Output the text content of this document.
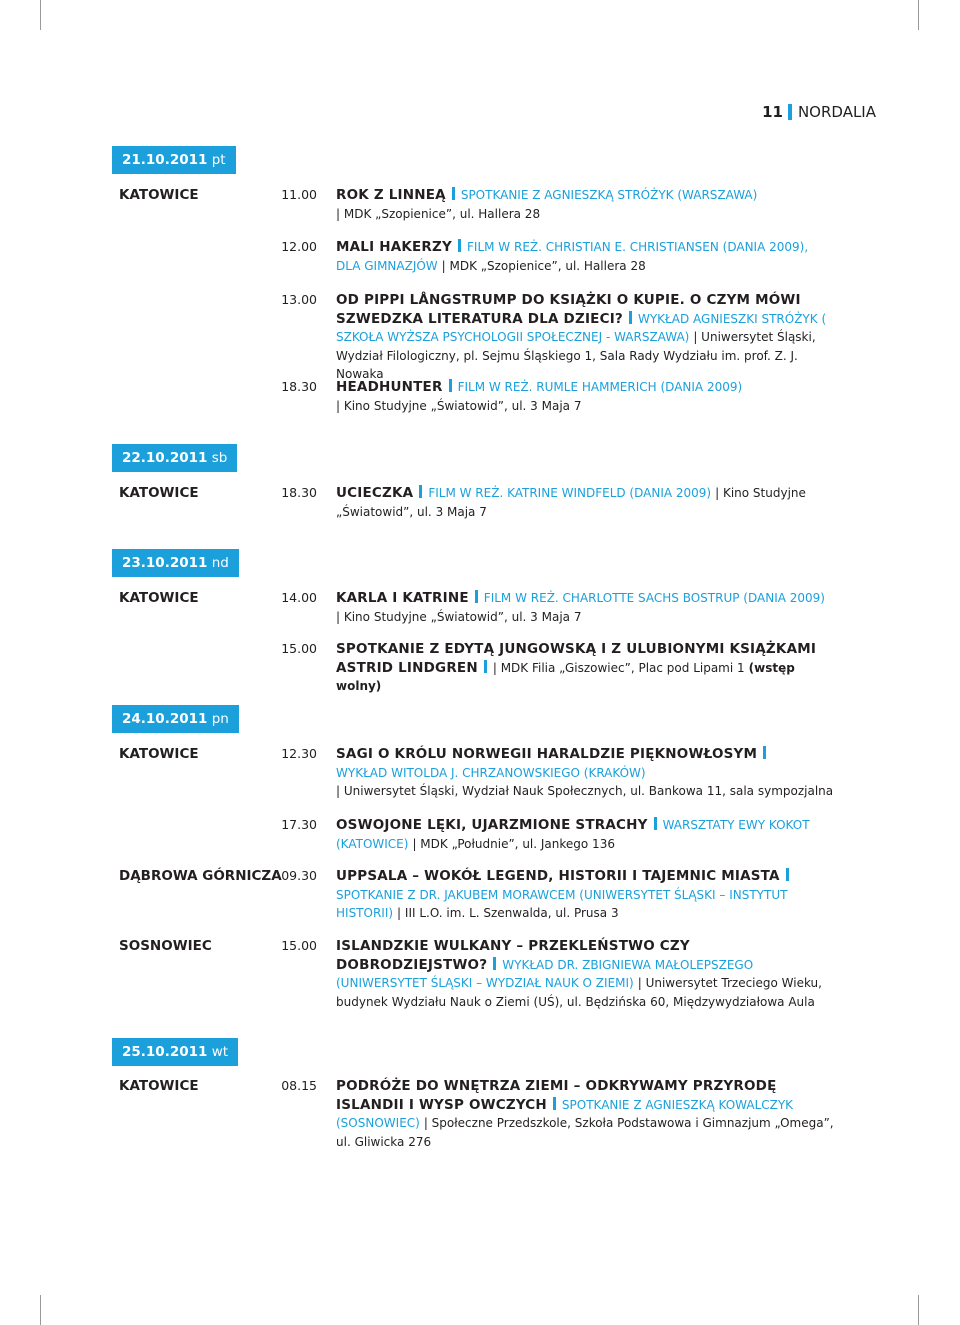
11 NORDALIA
21.10.2011 pt
KATOWICE	11.00 ROK Z LINNEĄ SPOTKANIE Z AGNIESZKĄ STRÓŻYK (WARSZAWA)
| MDK „Szopienice”, ul. Hallera 28
12.00 MALI HAKERZY FILM W REŻ. CHRISTIAN E. CHRISTIANSEN (DANIA 2009), DLA GIMNAZJÓW | MDK „Szopienice”, ul. Hallera 28
13.00 OD PIPPI LÅNGSTRUMP DO KSIĄŻKI O KUPIE. O CZYM MÓWI SZWEDZKA LITERATURA DLA DZIECI? WYKŁAD AGNIESZKI STRÓŻYK ( SZKOŁA WYŻSZA PSYCHOLOGII SPOŁECZNEJ - WARSZAWA) | Uniwersytet Śląski, Wydział Filologiczny, pl. Sejmu Śląskiego 1, Sala Rady Wydziału im. prof. Z. J. Nowaka
18.30 HEADHUNTER FILM W REŻ. RUMLE HAMMERICH (DANIA 2009)
| Kino Studyjne „Światowid”, ul. 3 Maja 7
22.10.2011 sb
KATOWICE	18.30 UCIECZKA FILM W REŻ. KATRINE WINDFELD (DANIA 2009) | Kino Studyjne „Światowid”, ul. 3 Maja 7
23.10.2011 nd
KATOWICE	14.00 KARLA I KATRINE FILM W REŻ. CHARLOTTE SACHS BOSTRUP (DANIA 2009)
| Kino Studyjne „Światowid”, ul. 3 Maja 7
15.00 SPOTKANIE Z EDYTĄ JUNGOWSKĄ I Z ULUBIONYMI KSIĄŻKAMI ASTRID LINDGREN | MDK Filia „Giszowiec”, Plac pod Lipami 1 (wstęp wolny)
24.10.2011 pn
KATOWICE	12.30 SAGI O KRÓLU NORWEGII HARALDZIE PIĘKNOWŁOSYM
WYKŁAD WITOLDA J. CHRZANOWSKIEGO (KRAKÓW)
| Uniwersytet Śląski, Wydział Nauk Społecznych, ul. Bankowa 11, sala sympozjalna
17.30 OSWOJONE LĘKI, UJARZMIONE STRACHY WARSZTATY EWY KOKOT (KATOWICE) | MDK „Południe”, ul. Jankego 136
DĄBROWA GÓRNICZA 09.30 UPPSALA – WOKÓŁ LEGEND, HISTORII I TAJEMNIC MIASTA
SPOTKANIE Z DR. JAKUBEM MORAWCEM (UNIWERSYTET ŚLĄSKI – INSTYTUT HISTORII) | III L.O. im. L. Szenwalda, ul. Prusa 3
SOSNOWIEC	15.00 ISLANDZKIE WULKANY – PRZEKLEŃSTWO CZY DOBRODZIEJSTWO? WYKŁAD DR. ZBIGNIEWA MAŁOLEPSZEGO (UNIWERSYTET ŚLĄSKI – WYDZIAŁ NAUK O ZIEMI) | Uniwersytet Trzeciego Wieku, budynek Wydziału Nauk o Ziemi (UŚ), ul. Będzińska 60, Międzywydziałowa Aula
25.10.2011 wt
KATOWICE	08.15 PODRÓŻE DO WNĘTRZA ZIEMI – ODKRYWAMY PRZYRODĘ ISLANDII I WYSP OWCZYCH SPOTKANIE Z AGNIESZKĄ KOWALCZYK (SOSNOWIEC) | Społeczne Przedszkole, Szkoła Podstawowa i Gimnazjum „Omega”, ul. Gliwicka 276
